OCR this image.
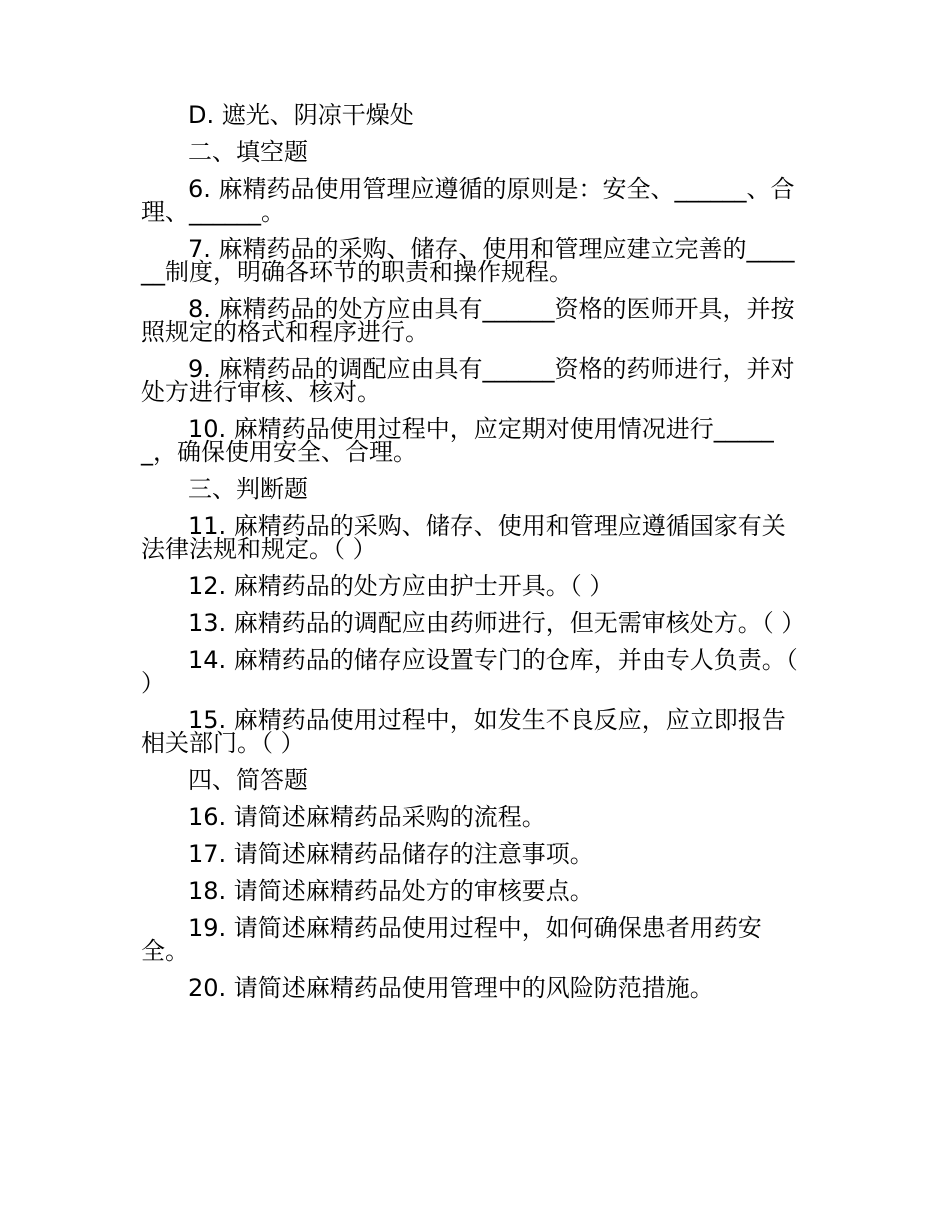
D. 遮光、阴凉干燥处

二、填空题

6. 麻精药品使用管理应遵循的原则是：安全、______、合理、______。

7. 麻精药品的采购、储存、使用和管理应建立完善的______制度，明确各环节的职责和操作规程。

8. 麻精药品的处方应由具有______资格的医师开具，并按照规定的格式和程序进行。

9. 麻精药品的调配应由具有______资格的药师进行，并对处方进行审核、核对。

10. 麻精药品使用过程中，应定期对使用情况进行______，确保使用安全、合理。

三、判断题

11. 麻精药品的采购、储存、使用和管理应遵循国家有关法律法规和规定。（ ）

12. 麻精药品的处方应由护士开具。（ ）

13. 麻精药品的调配应由药师进行，但无需审核处方。（ ）

14. 麻精药品的储存应设置专门的仓库，并由专人负责。（ ）

15. 麻精药品使用过程中，如发生不良反应，应立即报告相关部门。（ ）

四、简答题

16. 请简述麻精药品采购的流程。

17. 请简述麻精药品储存的注意事项。

18. 请简述麻精药品处方的审核要点。

19. 请简述麻精药品使用过程中，如何确保患者用药安全。

20. 请简述麻精药品使用管理中的风险防范措施。
